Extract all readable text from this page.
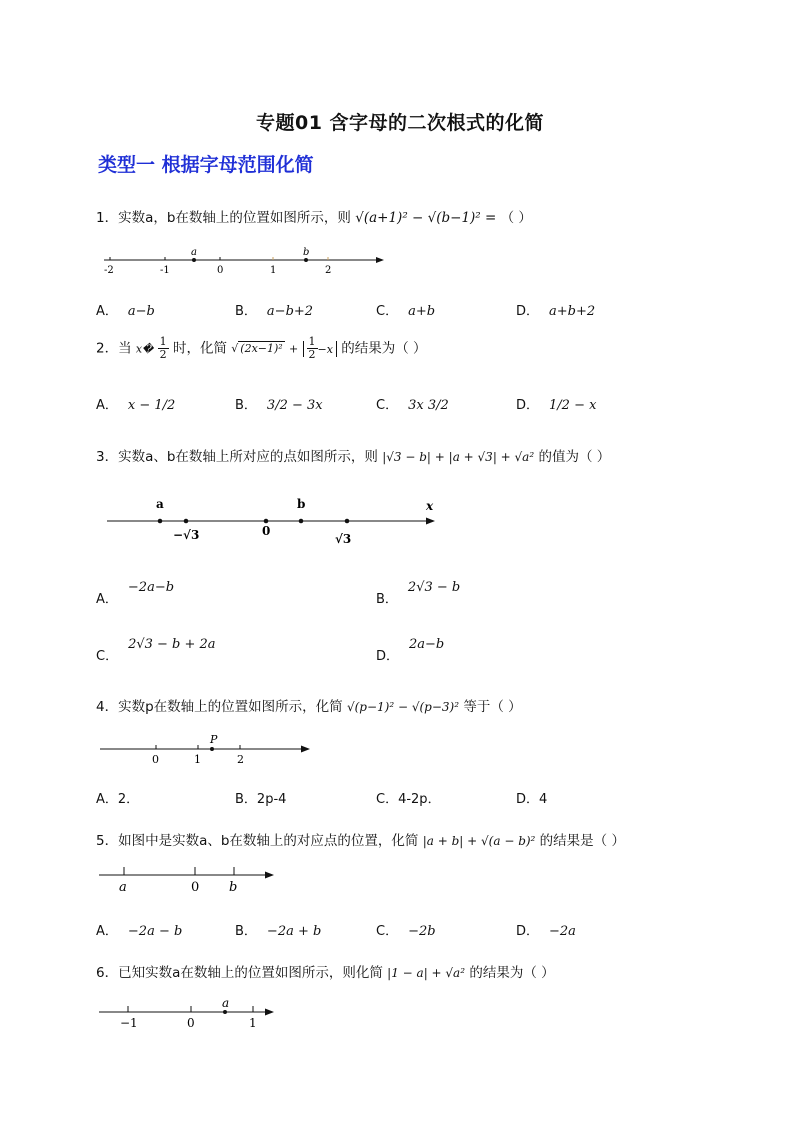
专题01 含字母的二次根式的化简
类型一 根据字母范围化简
1．实数a，b在数轴上的位置如图所示，则 √(a+1)² − √(b−1)² = （ ）
-2	-1	0	1	2
a	b
A． a−b	B． a−b+2	C． a+b	D． a+b+2
2．当 x� $\frac{1}{2}$ 时，化简 √ $(2x-1)^2 + \frac{1}{2} -x$ 的结果为（ ）
A． x − 1/2	B． 3/2 − 3x	C． 3x 3/2	D． 1/2 − x
3．实数a、b在数轴上所对应的点如图所示，则 |√3 − b| + |a + √3| + √a² 的值为（ ）
a	b	x
−√3	0
√3
A．−2a−b
B．2√3 − b
C．2√3 − b + 2a
D．2a−b
4．实数p在数轴上的位置如图所示，化简 √(p−1)² − √(p−3)² 等于（ ）
P
0	1	2
A．2．	B．2p-4	C．4-2p．	D．4
5．如图中是实数a、b在数轴上的对应点的位置，化简 |a + b| + √(a − b)² 的结果是（ ）
a	0 b
A． −2a − b	B． −2a + b	C． −2b	D． −2a
6．已知实数a在数轴上的位置如图所示，则化简 |1 − a| + √a² 的结果为（ ）
a
−1	0	1
